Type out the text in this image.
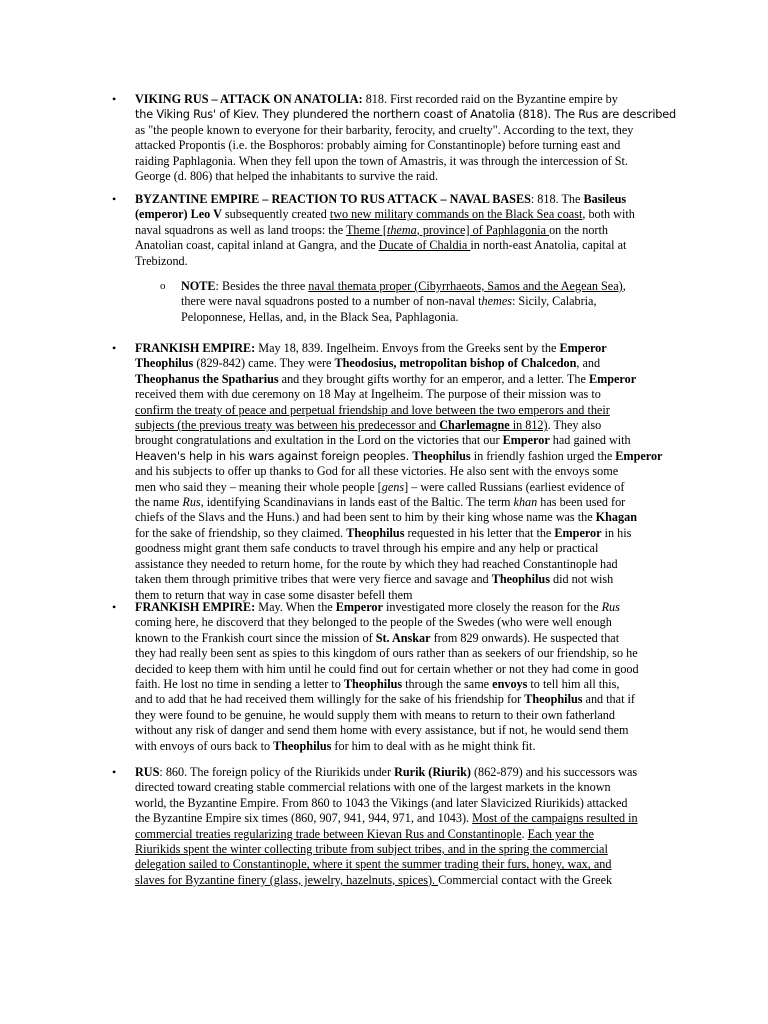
• VIKING RUS – ATTACK ON ANATOLIA: 818. First recorded raid on the Byzantine empire by
the Viking Rus' of Kiev. They plundered the northern coast of Anatolia (818). The Rus are described
as "the people known to everyone for their barbarity, ferocity, and cruelty". According to the text, they
attacked Propontis (i.e. the Bosphoros: probably aiming for Constantinople) before turning east and
raiding Paphlagonia. When they fell upon the town of Amastris, it was through the intercession of St.
George (d. 806) that helped the inhabitants to survive the raid.
• BYZANTINE EMPIRE – REACTION TO RUS ATTACK – NAVAL BASES: 818. The Basileus
(emperor) Leo V subsequently created two new military commands on the Black Sea coast, both with
naval squadrons as well as land troops: the Theme [thema, province] of Paphlagonia on the north
Anatolian coast, capital inland at Gangra, and the Ducate of Chaldia in north-east Anatolia, capital at
Trebizond.
o NOTE: Besides the three naval themata proper (Cibyrrhaeots, Samos and the Aegean Sea),
there were naval squadrons posted to a number of non-naval themes: Sicily, Calabria,
Peloponnese, Hellas, and, in the Black Sea, Paphlagonia.
• FRANKISH EMPIRE: May 18, 839. Ingelheim. Envoys from the Greeks sent by the Emperor
Theophilus (829-842) came. They were Theodosius, metropolitan bishop of Chalcedon, and
Theophanus the Spatharius and they brought gifts worthy for an emperor, and a letter. The Emperor
received them with due ceremony on 18 May at Ingelheim. The purpose of their mission was to
confirm the treaty of peace and perpetual friendship and love between the two emperors and their
subjects (the previous treaty was between his predecessor and Charlemagne in 812). They also
brought congratulations and exultation in the Lord on the victories that our Emperor had gained with
Heaven's help in his wars against foreign peoples. Theophilus in friendly fashion urged the Emperor
and his subjects to offer up thanks to God for all these victories. He also sent with the envoys some
men who said they – meaning their whole people [gens] – were called Russians (earliest evidence of
the name Rus, identifying Scandinavians in lands east of the Baltic. The term khan has been used for
chiefs of the Slavs and the Huns.) and had been sent to him by their king whose name was the Khagan
for the sake of friendship, so they claimed. Theophilus requested in his letter that the Emperor in his
goodness might grant them safe conducts to travel through his empire and any help or practical
assistance they needed to return home, for the route by which they had reached Constantinople had
taken them through primitive tribes that were very fierce and savage and Theophilus did not wish
them to return that way in case some disaster befell them
• FRANKISH EMPIRE: May. When the Emperor investigated more closely the reason for the Rus
coming here, he discoverd that they belonged to the people of the Swedes (who were well enough
known to the Frankish court since the mission of St. Anskar from 829 onwards). He suspected that
they had really been sent as spies to this kingdom of ours rather than as seekers of our friendship, so he
decided to keep them with him until he could find out for certain whether or not they had come in good
faith. He lost no time in sending a letter to Theophilus through the same envoys to tell him all this,
and to add that he had received them willingly for the sake of his friendship for Theophilus and that if
they were found to be genuine, he would supply them with means to return to their own fatherland
without any risk of danger and send them home with every assistance, but if not, he would send them
with envoys of ours back to Theophilus for him to deal with as he might think fit.
• RUS: 860. The foreign policy of the Riurikids under Rurik (Riurik) (862-879) and his successors was
directed toward creating stable commercial relations with one of the largest markets in the known
world, the Byzantine Empire. From 860 to 1043 the Vikings (and later Slavicized Riurikids) attacked
the Byzantine Empire six times (860, 907, 941, 944, 971, and 1043). Most of the campaigns resulted in
commercial treaties regularizing trade between Kievan Rus and Constantinople. Each year the
Riurikids spent the winter collecting tribute from subject tribes, and in the spring the commercial
delegation sailed to Constantinople, where it spent the summer trading their furs, honey, wax, and
slaves for Byzantine finery (glass, jewelry, hazelnuts, spices). Commercial contact with the Greek
